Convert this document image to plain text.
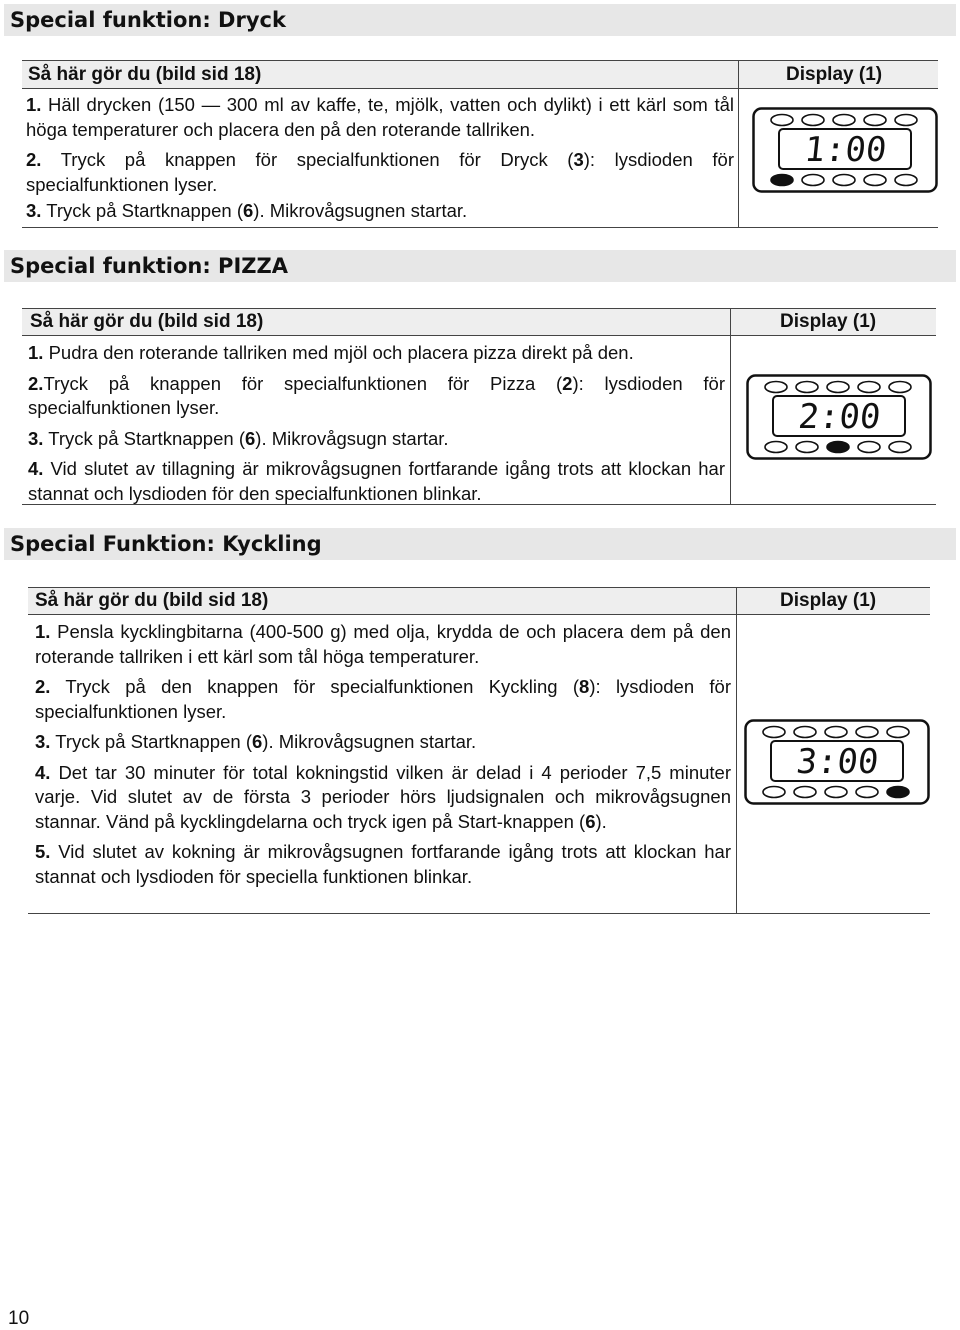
Special funktion: Dryck
Så här gör du (bild sid 18)	Display (1)

1. Häll drycken (150 — 300 ml av kaffe, te, mjölk, vatten och dylikt) i ett kärl som tål höga temperaturer och placera den på den roterande tallriken.

2. Tryck på knappen för specialfunktionen för Dryck (3): lysdioden för specialfunktionen lyser.

3. Tryck på Startknappen (6). Mikrovågsugnen startar.

1:00
Special funktion: PIZZA
Så här gör du (bild sid 18)	Display (1)

1. Pudra den roterande tallriken med mjöl och placera pizza direkt på den.

2.Tryck på knappen för specialfunktionen för Pizza (2): lysdioden för specialfunktionen lyser.

3. Tryck på Startknappen (6). Mikrovågsugn startar.

4. Vid slutet av tillagning är mikrovågsugnen fortfarande igång trots att klockan har stannat och lysdioden för den specialfunktionen blinkar.

2:00
Special Funktion: Kyckling
Så här gör du (bild sid 18)	Display (1)

1. Pensla kycklingbitarna (400-500 g) med olja, krydda de och placera dem på den roterande tallriken i ett kärl som tål höga temperaturer.

2. Tryck på den knappen för specialfunktionen Kyckling (8): lysdioden för specialfunktionen lyser.

3. Tryck på Startknappen (6). Mikrovågsugnen startar.

4. Det tar 30 minuter för total kokningstid vilken är delad i 4 perioder 7,5 minuter varje. Vid slutet av de första 3 perioder hörs ljudsignalen och mikrovågsugnen stannar. Vänd på kycklingdelarna och tryck igen på Start-knappen (6).

5. Vid slutet av kokning är mikrovågsugnen fortfarande igång trots att klockan har stannat och lysdioden för speciella funktionen blinkar.

3:00
10
